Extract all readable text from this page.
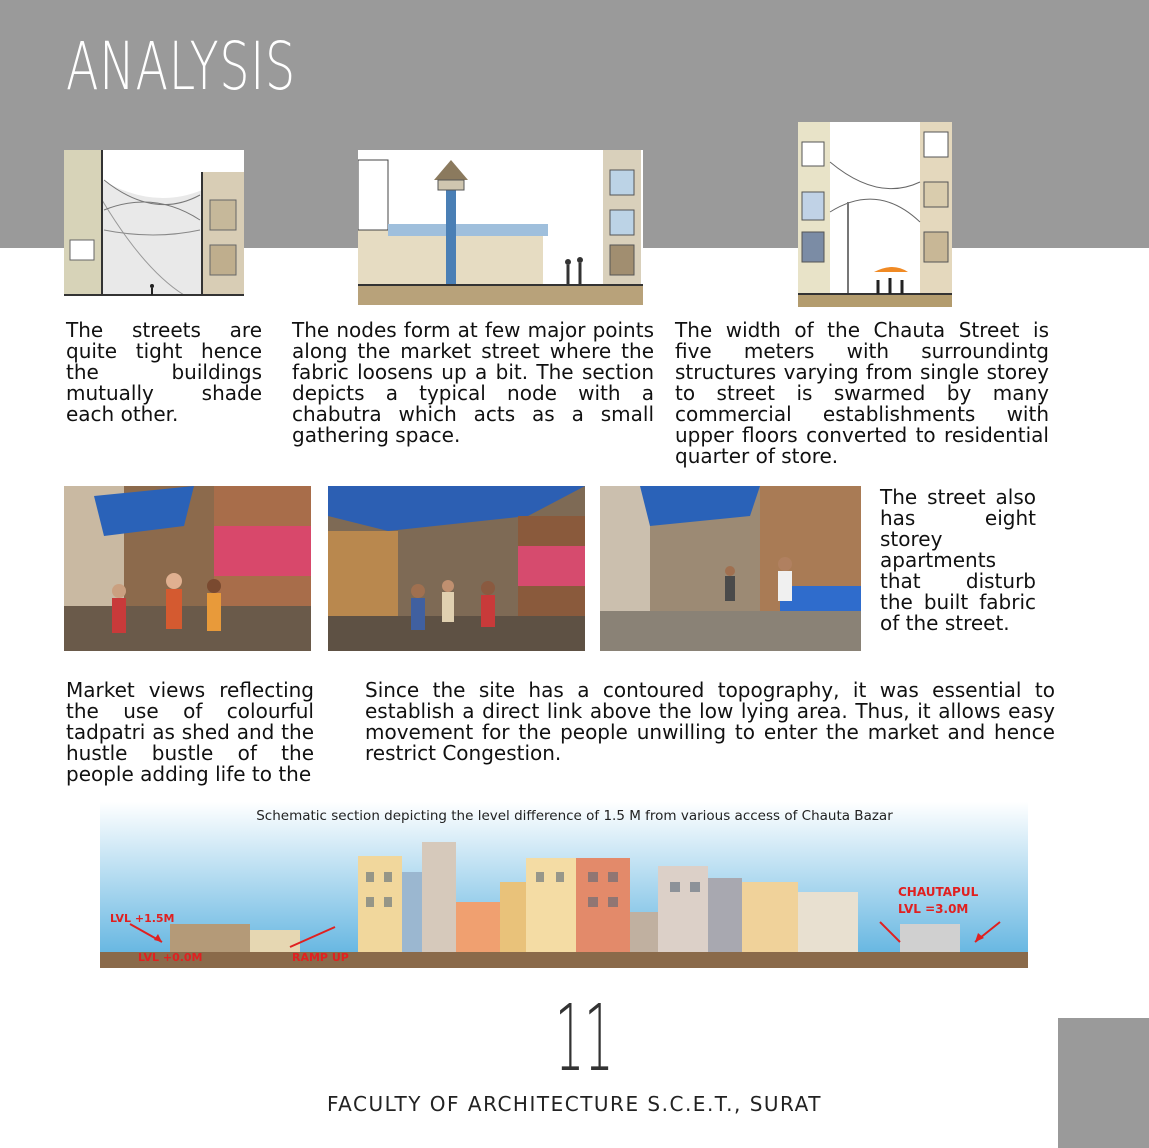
ANALYSIS
The streets are quite tight hence the buildings mutually shade each other.
The nodes form at few major points along the market street where the fabric loosens up a bit. The section depicts a typical node with a chabutra which acts as a small gathering space.
The width of the Chauta Street is five meters with surroundintg structures varying from single storey to street is swarmed by many commercial establishments with upper floors converted to residential quarter of store.
The street also has eight storey apartments that disturb the built fabric of the street.
Market views reflecting the use of colourful tadpatri as shed and the hustle bustle of the people adding life to the
Since the site has a contoured topography, it was essential to establish a direct link above the low lying area. Thus, it allows easy movement for the people unwilling to enter the market and hence restrict Congestion.
Schematic section depicting the level difference of 1.5 M from various access of Chauta Bazar
LVL +1.5M
LVL +0.0M	RAMP UP
CHAUTAPUL
LVL =3.0M
11
FACULTY OF ARCHITECTURE S.C.E.T., SURAT
